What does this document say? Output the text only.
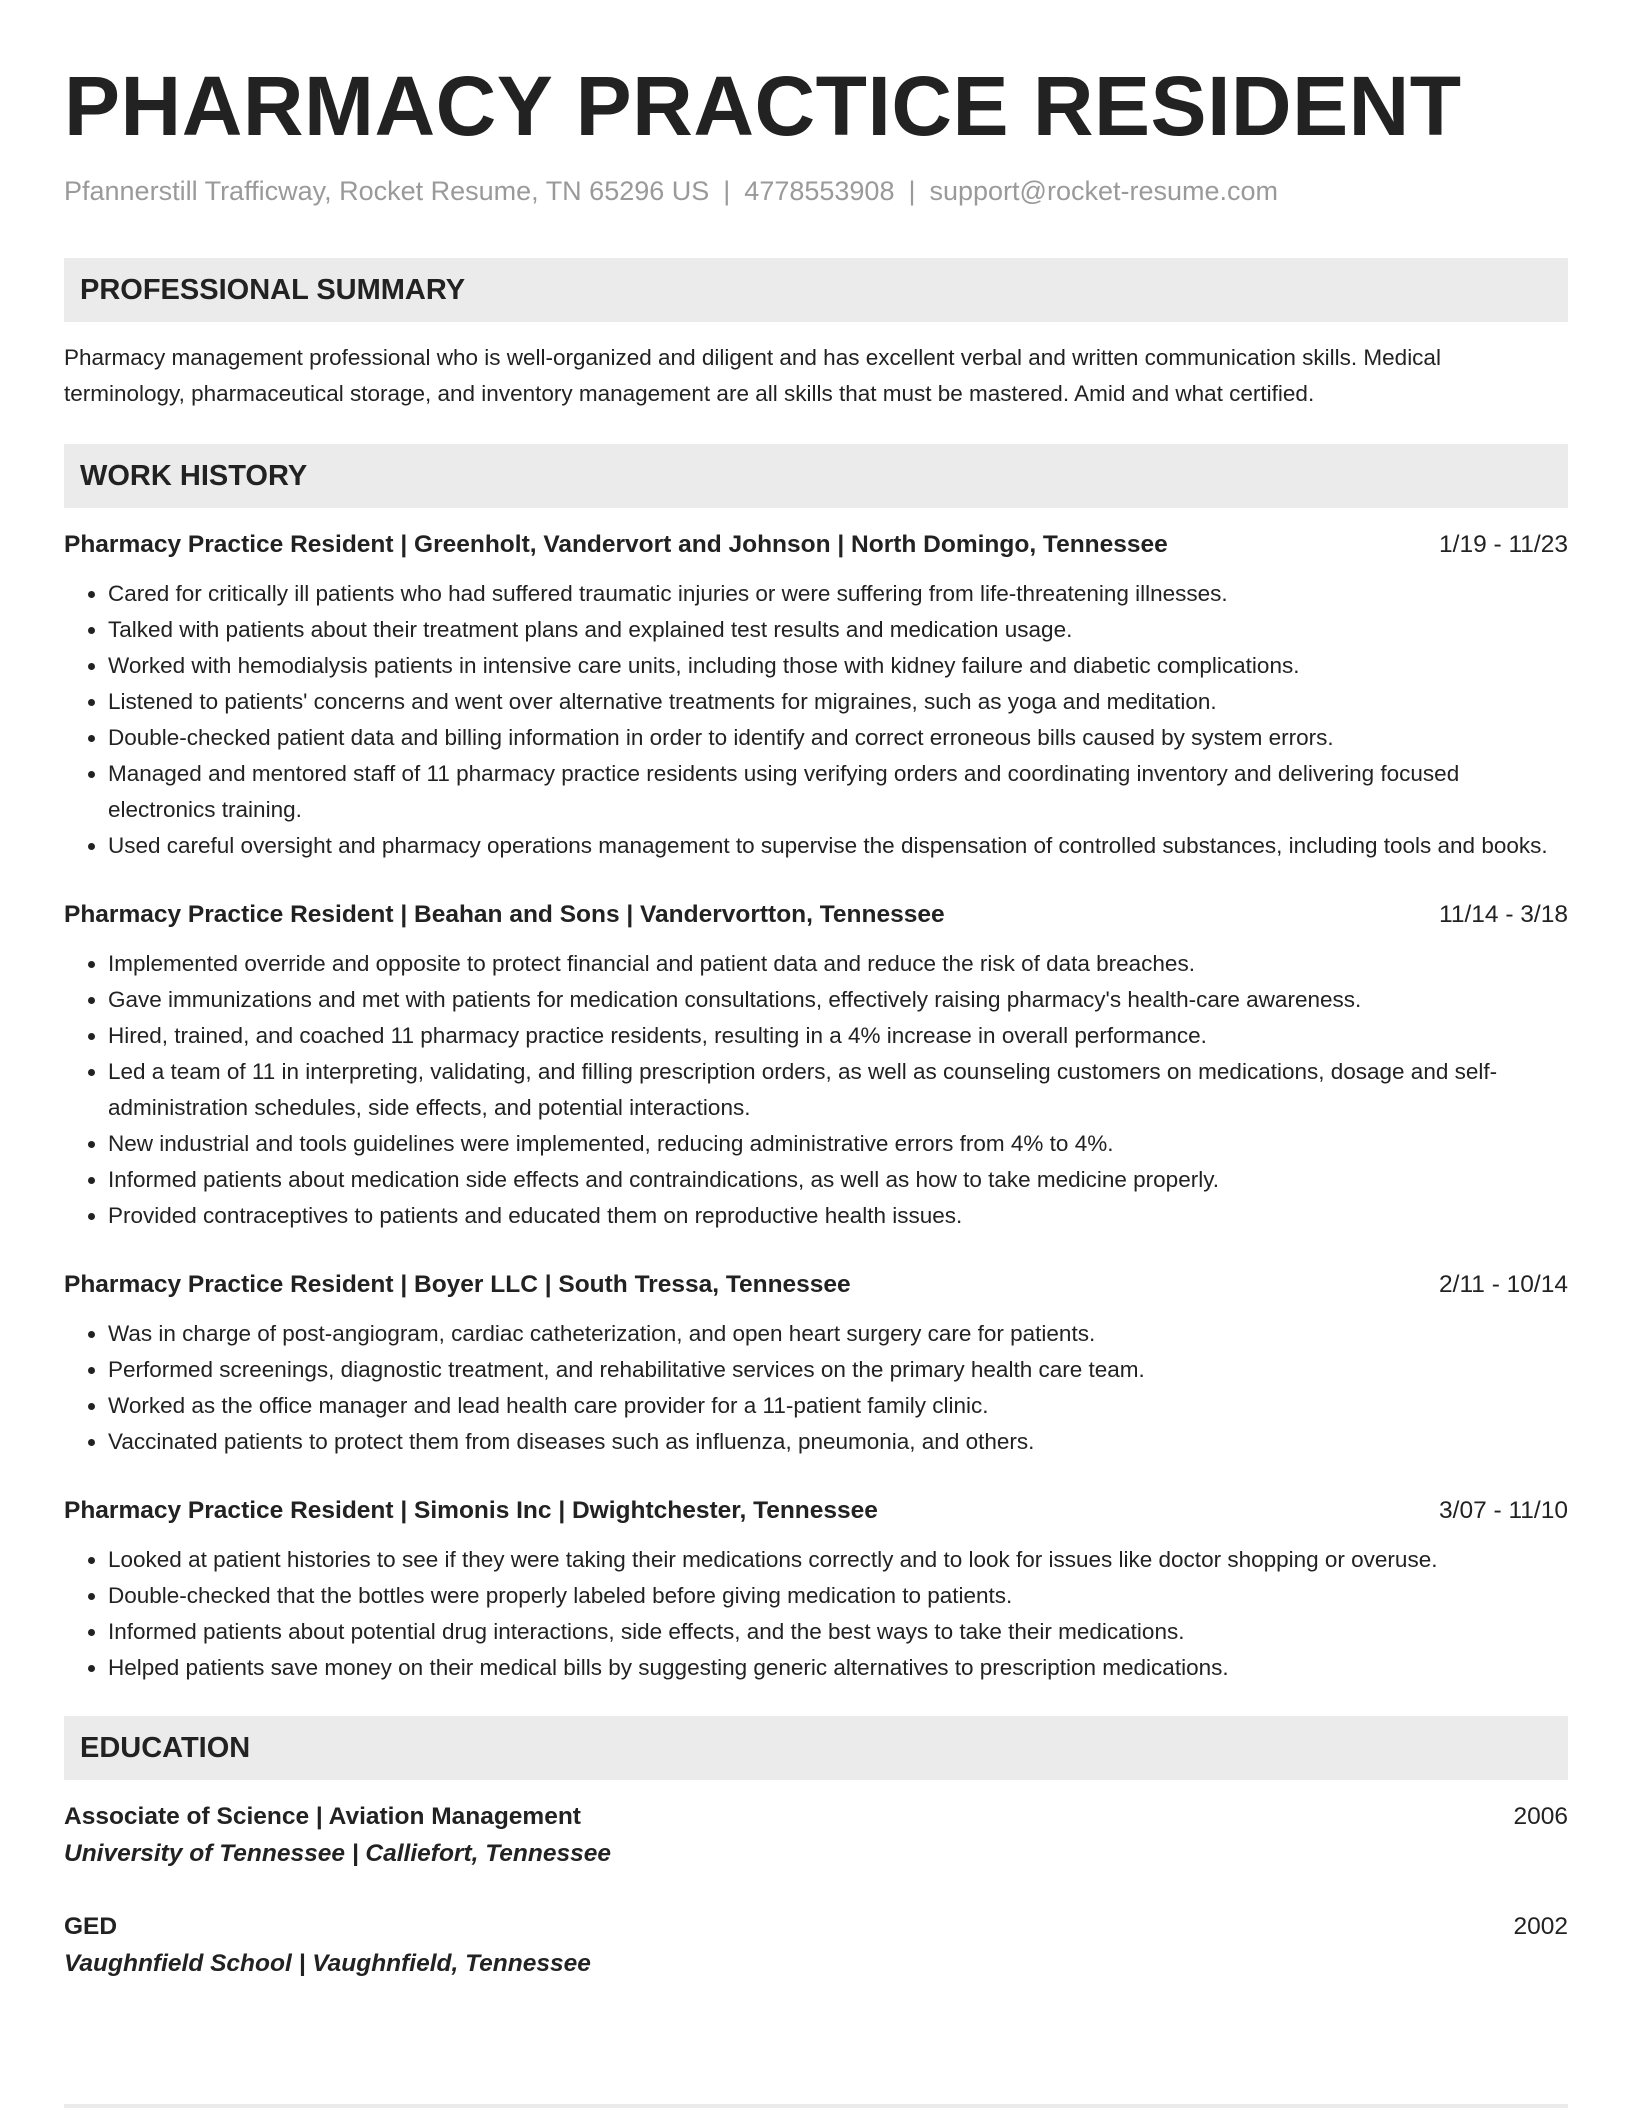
PHARMACY PRACTICE RESIDENT
Pfannerstill Trafficway, Rocket Resume, TN 65296 US | 4778553908 | support@rocket-resume.com
PROFESSIONAL SUMMARY
Pharmacy management professional who is well-organized and diligent and has excellent verbal and written communication skills. Medical terminology, pharmaceutical storage, and inventory management are all skills that must be mastered. Amid and what certified.
WORK HISTORY
Pharmacy Practice Resident | Greenholt, Vandervort and Johnson | North Domingo, Tennessee	1/19 - 11/23
• Cared for critically ill patients who had suffered traumatic injuries or were suffering from life-threatening illnesses.
• Talked with patients about their treatment plans and explained test results and medication usage.
• Worked with hemodialysis patients in intensive care units, including those with kidney failure and diabetic complications.
• Listened to patients' concerns and went over alternative treatments for migraines, such as yoga and meditation.
• Double-checked patient data and billing information in order to identify and correct erroneous bills caused by system errors.
• Managed and mentored staff of 11 pharmacy practice residents using verifying orders and coordinating inventory and delivering focused electronics training.
• Used careful oversight and pharmacy operations management to supervise the dispensation of controlled substances, including tools and books.
Pharmacy Practice Resident | Beahan and Sons | Vandervortton, Tennessee	11/14 - 3/18
• Implemented override and opposite to protect financial and patient data and reduce the risk of data breaches.
• Gave immunizations and met with patients for medication consultations, effectively raising pharmacy's health-care awareness.
• Hired, trained, and coached 11 pharmacy practice residents, resulting in a 4% increase in overall performance.
• Led a team of 11 in interpreting, validating, and filling prescription orders, as well as counseling customers on medications, dosage and self-administration schedules, side effects, and potential interactions.
• New industrial and tools guidelines were implemented, reducing administrative errors from 4% to 4%.
• Informed patients about medication side effects and contraindications, as well as how to take medicine properly.
• Provided contraceptives to patients and educated them on reproductive health issues.
Pharmacy Practice Resident | Boyer LLC | South Tressa, Tennessee	2/11 - 10/14
• Was in charge of post-angiogram, cardiac catheterization, and open heart surgery care for patients.
• Performed screenings, diagnostic treatment, and rehabilitative services on the primary health care team.
• Worked as the office manager and lead health care provider for a 11-patient family clinic.
• Vaccinated patients to protect them from diseases such as influenza, pneumonia, and others.
Pharmacy Practice Resident | Simonis Inc | Dwightchester, Tennessee	3/07 - 11/10
• Looked at patient histories to see if they were taking their medications correctly and to look for issues like doctor shopping or overuse.
• Double-checked that the bottles were properly labeled before giving medication to patients.
• Informed patients about potential drug interactions, side effects, and the best ways to take their medications.
• Helped patients save money on their medical bills by suggesting generic alternatives to prescription medications.
EDUCATION
Associate of Science | Aviation Management	2006
University of Tennessee | Calliefort, Tennessee
GED	2002
Vaughnfield School | Vaughnfield, Tennessee
